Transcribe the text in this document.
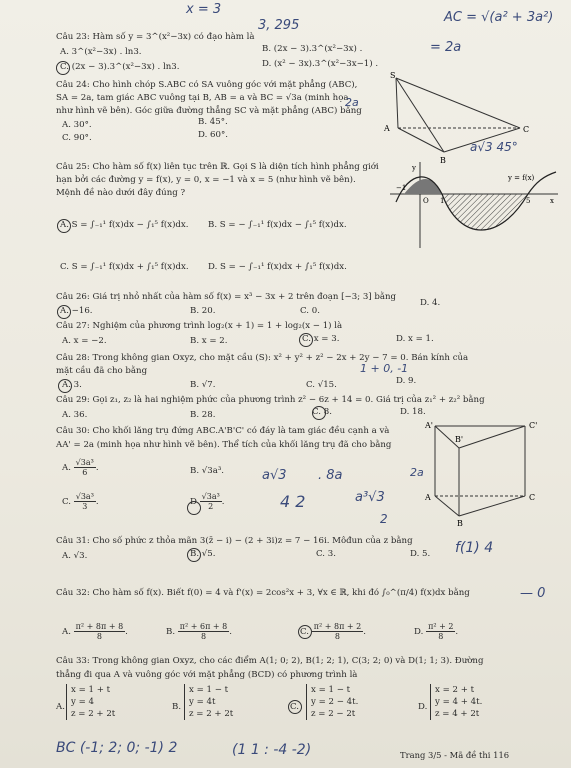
x = 3
3, 295
AC = √(a² + 3a²)
= 2a
Câu 23: Hàm số y = 3^(x²−3x) có đạo hàm là
A. 3^(x²−3x) . ln3.	B. (2x − 3).3^(x²−3x) .
C. (2x − 3).3^(x²−3x) . ln3.	D. (x² − 3x).3^(x²−3x−1) .
Câu 24: Cho hình chóp S.ABC có SA vuông góc với mặt phẳng (ABC),
SA = 2a, tam giác ABC vuông tại B, AB = a và BC = √3a (minh họa
như hình vẽ bên). Góc giữa đường thẳng SC và mặt phẳng (ABC) bằng
A. 30°.	B. 45°.
C. 90°.	D. 60°.
2a
S
A
B
C
a√3 45°
Câu 25: Cho hàm số f(x) liên tục trên ℝ. Gọi S là diện tích hình phẳng giới
hạn bởi các đường y = f(x), y = 0, x = −1 và x = 5 (như hình vẽ bên).
Mệnh đề nào dưới đây đúng ?
A. S = ∫₋₁¹ f(x)dx − ∫₁⁵ f(x)dx. B. S = − ∫₋₁¹ f(x)dx − ∫₁⁵ f(x)dx.
C. S = ∫₋₁¹ f(x)dx + ∫₁⁵ f(x)dx. D. S = − ∫₋₁¹ f(x)dx + ∫₁⁵ f(x)dx.
y
y = f(x)
O	x
−1
1	5
Câu 26: Giá trị nhỏ nhất của hàm số f(x) = x³ − 3x + 2 trên đoạn [−3; 3] bằng
A. −16.	B. 20.	C. 0.
D. 4.
Câu 27: Nghiệm của phương trình log₂(x + 1) = 1 + log₂(x − 1) là
A. x = −2.	B. x = 2.	C. x = 3.	D. x = 1.
Câu 28: Trong không gian Oxyz, cho mặt cầu (S): x² + y² + z² − 2x + 2y − 7 = 0. Bán kính của
mặt cầu đã cho bằng
A. 3.	B. √7.	C. √15.	D. 9.
1 + 0, -1
Câu 29: Gọi z₁, z₂ là hai nghiệm phức của phương trình z² − 6z + 14 = 0. Giá trị của z₁² + z₂² bằng
A. 36.	B. 28.	C. 8.	D. 18.
Câu 30: Cho khối lăng trụ đứng ABC.A'B'C' có đáy là tam giác đều cạnh a và
AA' = 2a (minh họa như hình vẽ bên). Thể tích của khối lăng trụ đã cho bằng
A. $\frac{\text{√3a³}}{6}$ .	B. √3a³.
C. $\frac{\text{√3a³}}{3}$ .	D $\frac{\text{√3a³}}{2}$ .
a√3 . 8a
4 2	a³√3
2
2a
A'
B'
C'
A
B
C
Câu 31: Cho số phức z thỏa mãn 3(z̄ − i) − (2 + 3i)z = 7 − 16i. Môđun của z bằng
A. √3.	B. √5.	C. 3.	D. 5. f(1) 4
Câu 32: Cho hàm số f(x). Biết f(0) = 4 và f'(x) = 2cos²x + 3, ∀x ∈ ℝ, khi đó ∫₀^(π/4) f(x)dx bằng	— 0
A. $\frac{\text{π² + 8π + 8}}{8}$ .	B. $\frac{\text{π² + 6π + 8}}{8}$ .	C. $\frac{\text{π² + 8π + 2}}{8}$ .	D. $\frac{\text{π² + 2}}{8}$ .
Câu 33: Trong không gian Oxyz, cho các điểm A(1; 0; 2), B(1; 2; 1), C(3; 2; 0) và D(1; 1; 3). Đường
thẳng đi qua A và vuông góc với mặt phẳng (BCD) có phương trình là
A.
x = 1 + t
y = 4
z = 2 + 2t
B.
x = 1 − t
y = 4t
z = 2 + 2t
C.
x = 1 − t
y = 2 − 4t.
z = 2 − 2t
D.
x = 2 + t
y = 4 + 4t.
z = 4 + 2t
BC (-1; 2; 0; -1) 2	(1 1 : -4 -2)	Trang 3/5 - Mã đề thi 116
